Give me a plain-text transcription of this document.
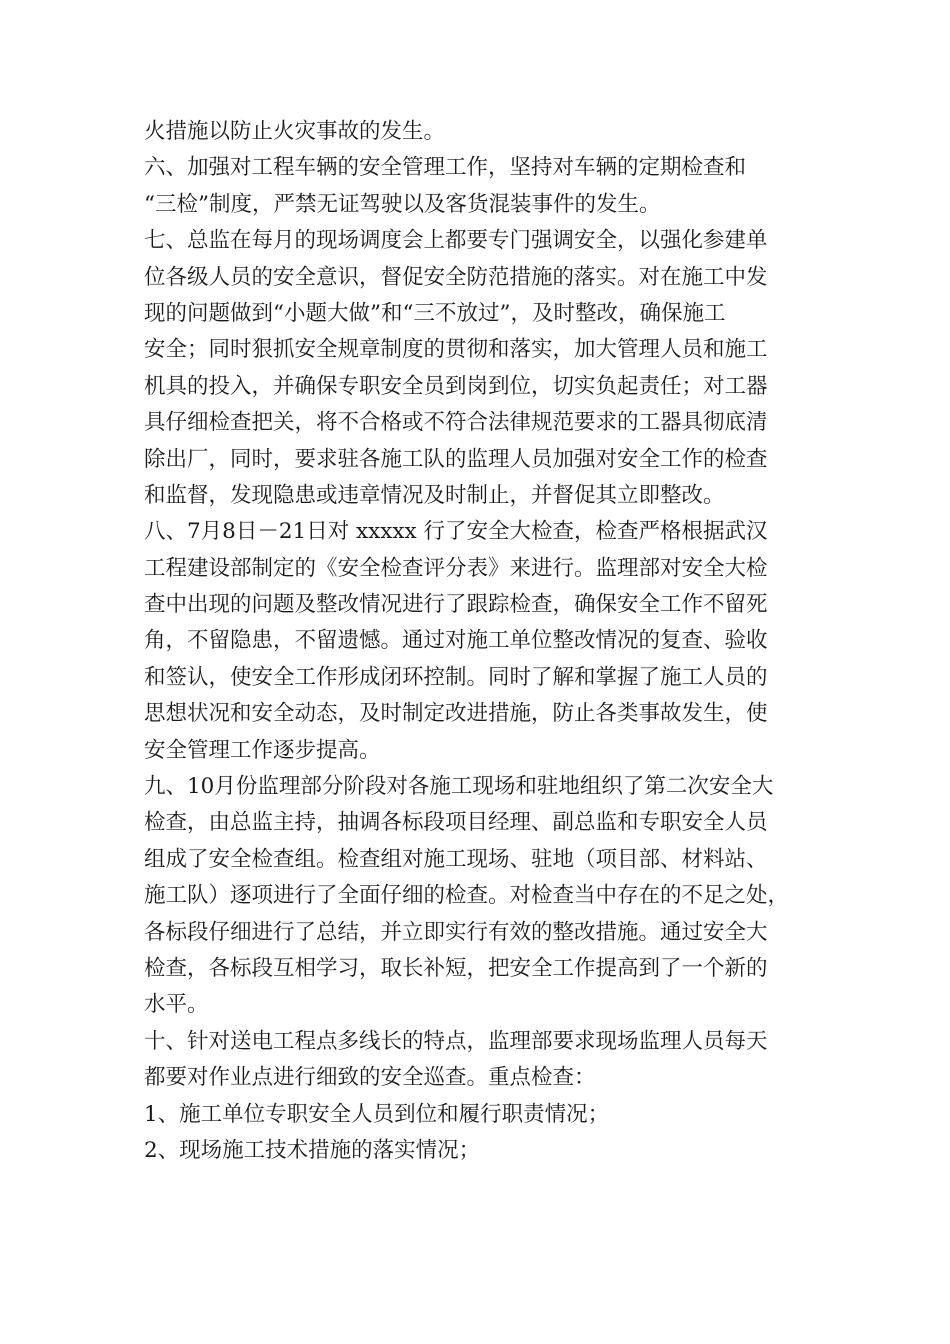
火措施以防止火灾事故的发生。
六、加强对工程车辆的安全管理工作，坚持对车辆的定期检查和
“三检”制度，严禁无证驾驶以及客货混装事件的发生。
七、总监在每月的现场调度会上都要专门强调安全，以强化参建单
位各级人员的安全意识，督促安全防范措施的落实。对在施工中发
现的问题做到“小题大做”和“三不放过”，及时整改，确保施工
安全；同时狠抓安全规章制度的贯彻和落实，加大管理人员和施工
机具的投入，并确保专职安全员到岗到位，切实负起责任；对工器
具仔细检查把关，将不合格或不符合法律规范要求的工器具彻底清
除出厂，同时，要求驻各施工队的监理人员加强对安全工作的检查
和监督，发现隐患或违章情况及时制止，并督促其立即整改。
八、7月8日－21日对 xxxxx 行了安全大检查，检查严格根据武汉
工程建设部制定的《安全检查评分表》来进行。监理部对安全大检
查中出现的问题及整改情况进行了跟踪检查，确保安全工作不留死
角，不留隐患，不留遗憾。通过对施工单位整改情况的复查、验收
和签认，使安全工作形成闭环控制。同时了解和掌握了施工人员的
思想状况和安全动态，及时制定改进措施，防止各类事故发生，使
安全管理工作逐步提高。
九、10月份监理部分阶段对各施工现场和驻地组织了第二次安全大
检查，由总监主持，抽调各标段项目经理、副总监和专职安全人员
组成了安全检查组。检查组对施工现场、驻地（项目部、材料站、
施工队）逐项进行了全面仔细的检查。对检查当中存在的不足之处，
各标段仔细进行了总结，并立即实行有效的整改措施。通过安全大
检查，各标段互相学习，取长补短，把安全工作提高到了一个新的
水平。
十、针对送电工程点多线长的特点，监理部要求现场监理人员每天
都要对作业点进行细致的安全巡查。重点检查：
1、施工单位专职安全人员到位和履行职责情况；
2、现场施工技术措施的落实情况；
